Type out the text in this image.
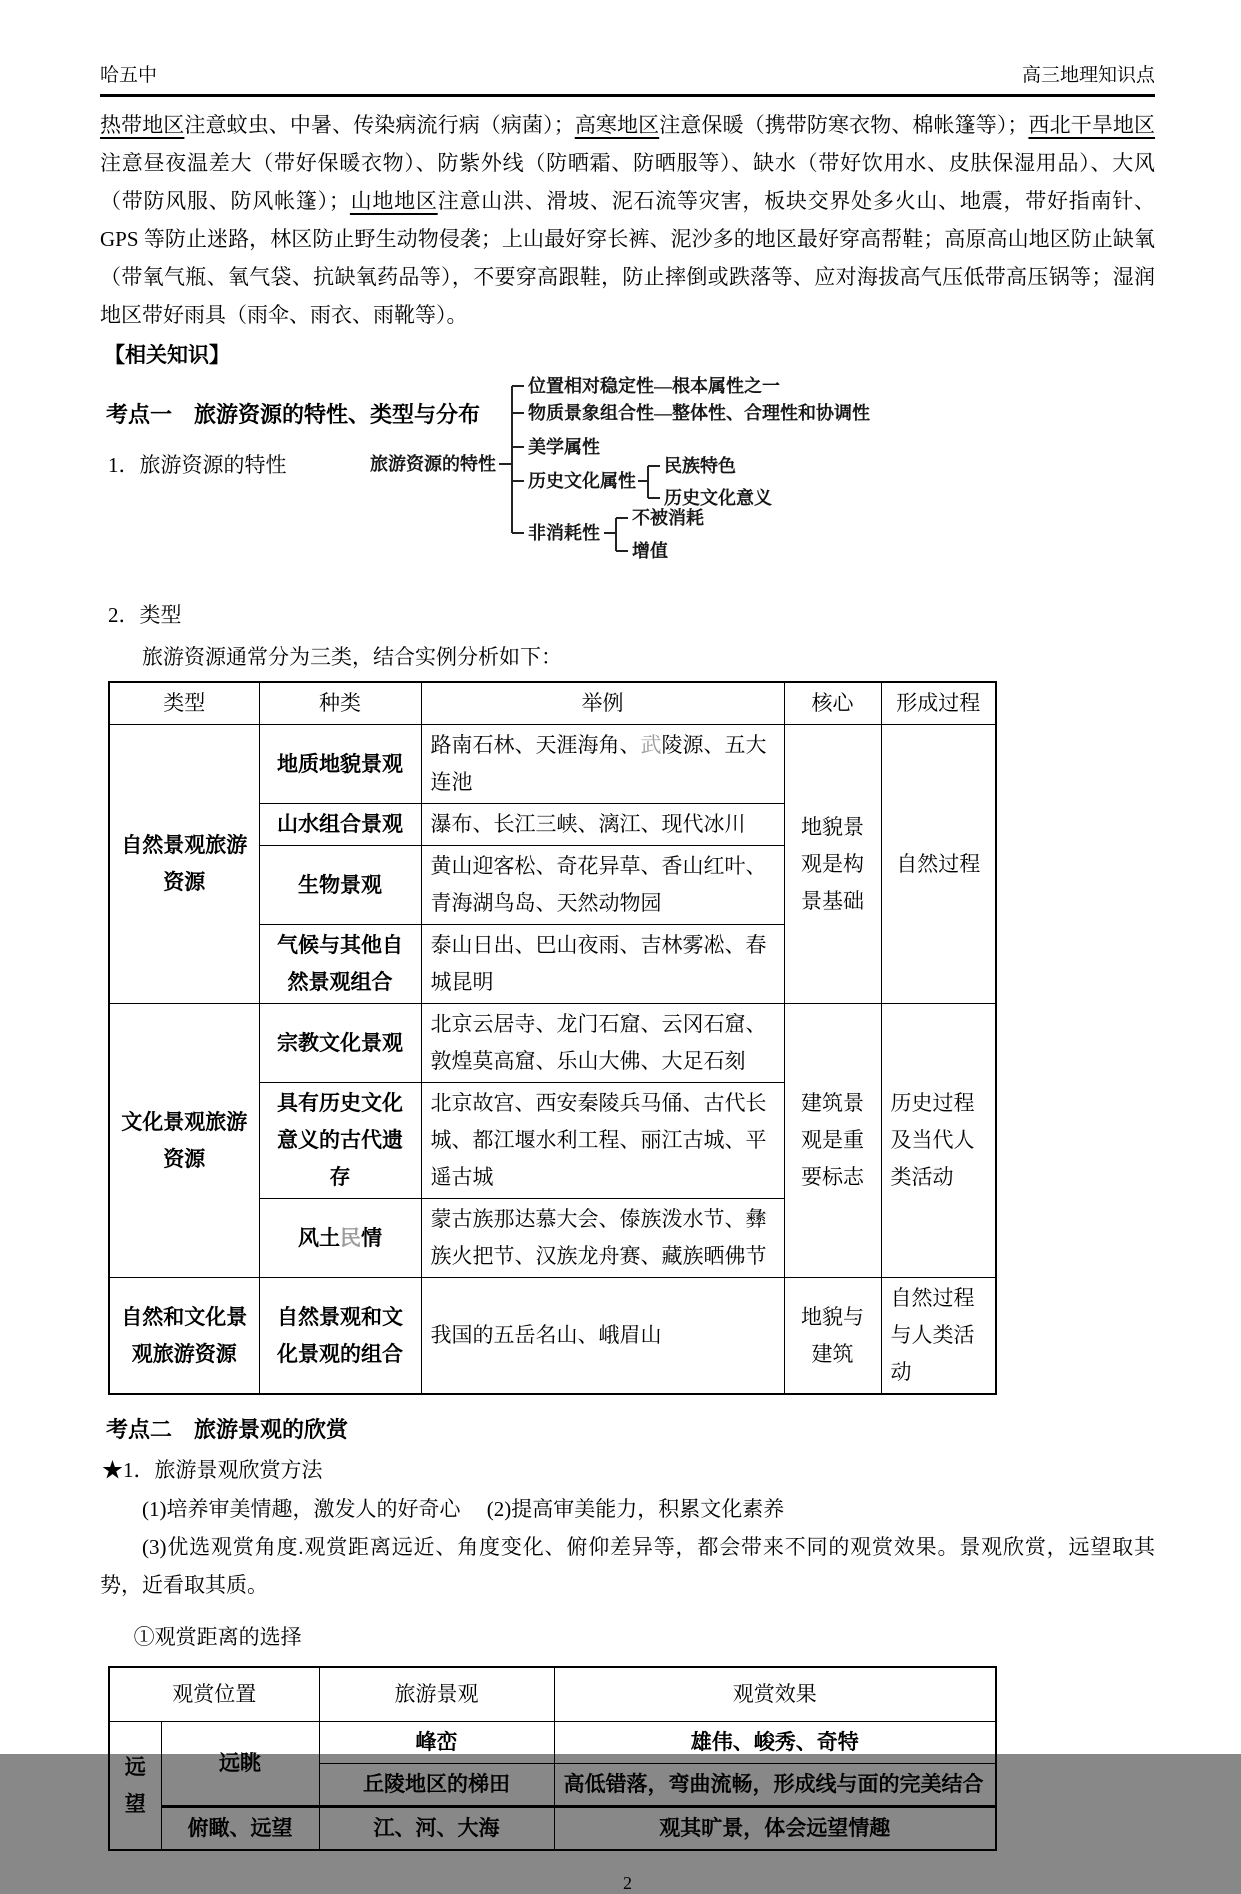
哈五中	高三地理知识点

热带地区注意蚊虫、中暑、传染病流行病（病菌）；高寒地区注意保暖（携带防寒衣物、棉帐篷等）；西北干旱地区注意昼夜温差大（带好保暖衣物）、防紫外线（防晒霜、防晒服等）、缺水（带好饮用水、皮肤保湿用品）、大风（带防风服、防风帐篷）；山地地区注意山洪、滑坡、泥石流等灾害，板块交界处多火山、地震，带好指南针、GPS 等防止迷路，林区防止野生动物侵袭；上山最好穿长裤、泥沙多的地区最好穿高帮鞋；高原高山地区防止缺氧（带氧气瓶、氧气袋、抗缺氧药品等），不要穿高跟鞋，防止摔倒或跌落等、应对海拔高气压低带高压锅等；湿润地区带好雨具（雨伞、雨衣、雨靴等）。

【相关知识】

考点一　旅游资源的特性、类型与分布

1．旅游资源的特性	旅游资源的特性
位置相对稳定性—根本属性之一
物质景象组合性—整体性、合理性和协调性
美学属性
历史文化属性
民族特色
历史文化意义
非消耗性
不被消耗
增值

2．类型

旅游资源通常分为三类，结合实例分析如下：

类型	种类	举例	核心	形成过程
自然景观旅游资源	地质地貌景观	路南石林、天涯海角、武陵源、五大连池	地貌景观是构景基础	自然过程
	山水组合景观	瀑布、长江三峡、漓江、现代冰川		
	生物景观	黄山迎客松、奇花异草、香山红叶、青海湖鸟岛、天然动物园		
	气候与其他自然景观组合	泰山日出、巴山夜雨、吉林雾凇、春城昆明		
文化景观旅游资源	宗教文化景观	北京云居寺、龙门石窟、云冈石窟、敦煌莫高窟、乐山大佛、大足石刻	建筑景观是重要标志	历史过程及当代人类活动
	具有历史文化意义的古代遗存	北京故宫、西安秦陵兵马俑、古代长城、都江堰水利工程、丽江古城、平遥古城		
	风土民情	蒙古族那达慕大会、傣族泼水节、彝族火把节、汉族龙舟赛、藏族晒佛节		
自然和文化景观旅游资源	自然景观和文化景观的组合	我国的五岳名山、峨眉山	地貌与建筑	自然过程与人类活动

考点二　旅游景观的欣赏

★1．旅游景观欣赏方法

(1)培养审美情趣，激发人的好奇心　 (2)提高审美能力，积累文化素养

(3)优选观赏角度.观赏距离远近、角度变化、俯仰差异等，都会带来不同的观赏效果。景观欣赏，远望取其势，近看取其质。

①观赏距离的选择

观赏位置		旅游景观	观赏效果
远望	远眺	峰峦	雄伟、峻秀、奇特
		丘陵地区的梯田	高低错落，弯曲流畅，形成线与面的完美结合
	俯瞰、远望	江、河、大海	观其旷景，体会远望情趣

2
